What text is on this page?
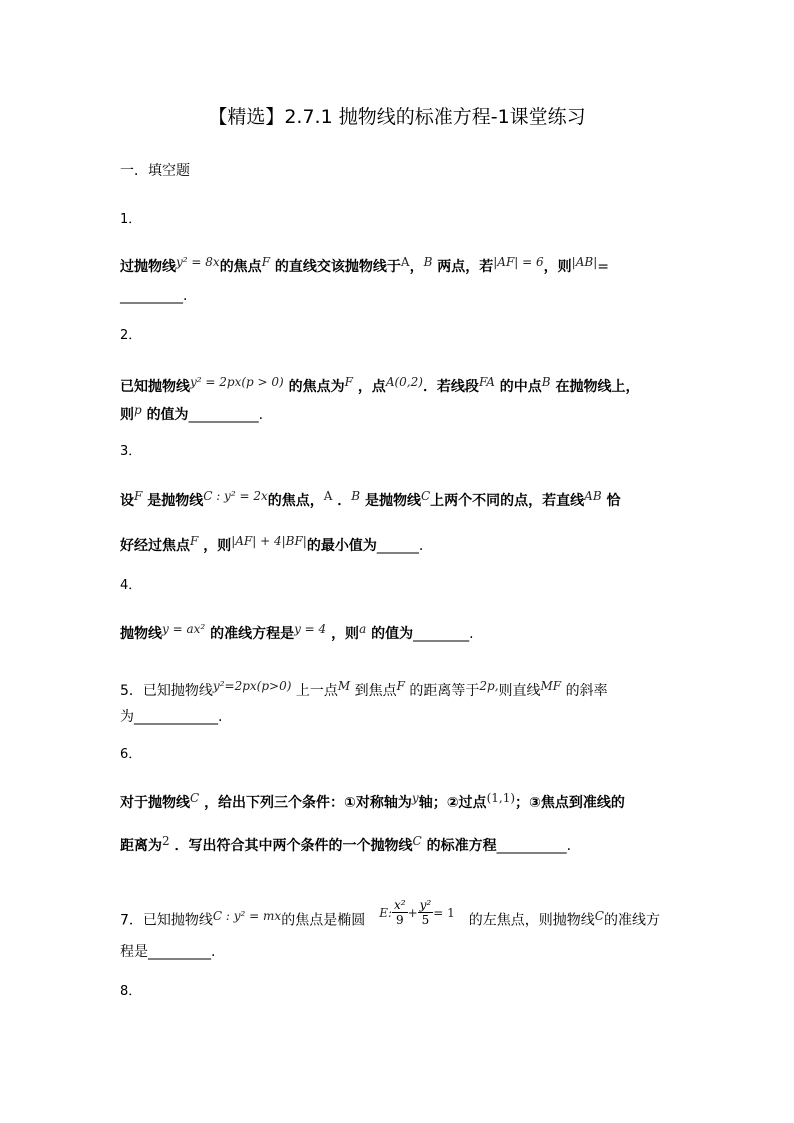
【精选】2.7.1 抛物线的标准方程-1课堂练习
一．填空题
1．
过抛物线y² = 8x的焦点F 的直线交该抛物线于A，B 两点，若|AF| = 6，则|AB|=
_________.
2．
已知抛物线y² = 2px(p > 0) 的焦点为F ，点A(0,2)．若线段FA 的中点B 在抛物线上，
则p 的值为__________.
3．
设F 是抛物线C : y² = 2x的焦点，A ．B 是抛物线C上两个不同的点，若直线AB 恰
好经过焦点F ，则|AF| + 4|BF|的最小值为______.
4．
抛物线y = ax² 的准线方程是y = 4 ，则a 的值为________.
5．已知抛物线y²=2px(p>0) 上一点M 到焦点F 的距离等于2p,则直线MF 的斜率
为____________.
6．
对于抛物线C ，给出下列三个条件：①对称轴为y轴；②过点(1,1)；③焦点到准线的
距离为2 ．写出符合其中两个条件的一个抛物线C 的标准方程__________.
7．已知抛物线C : y² = mx的焦点是椭圆 E: $\frac{\text{x²}}{9} + \frac{\text{y²}}{5} = 1$ 的左焦点，则抛物线C的准线方
程是_________.
8．
